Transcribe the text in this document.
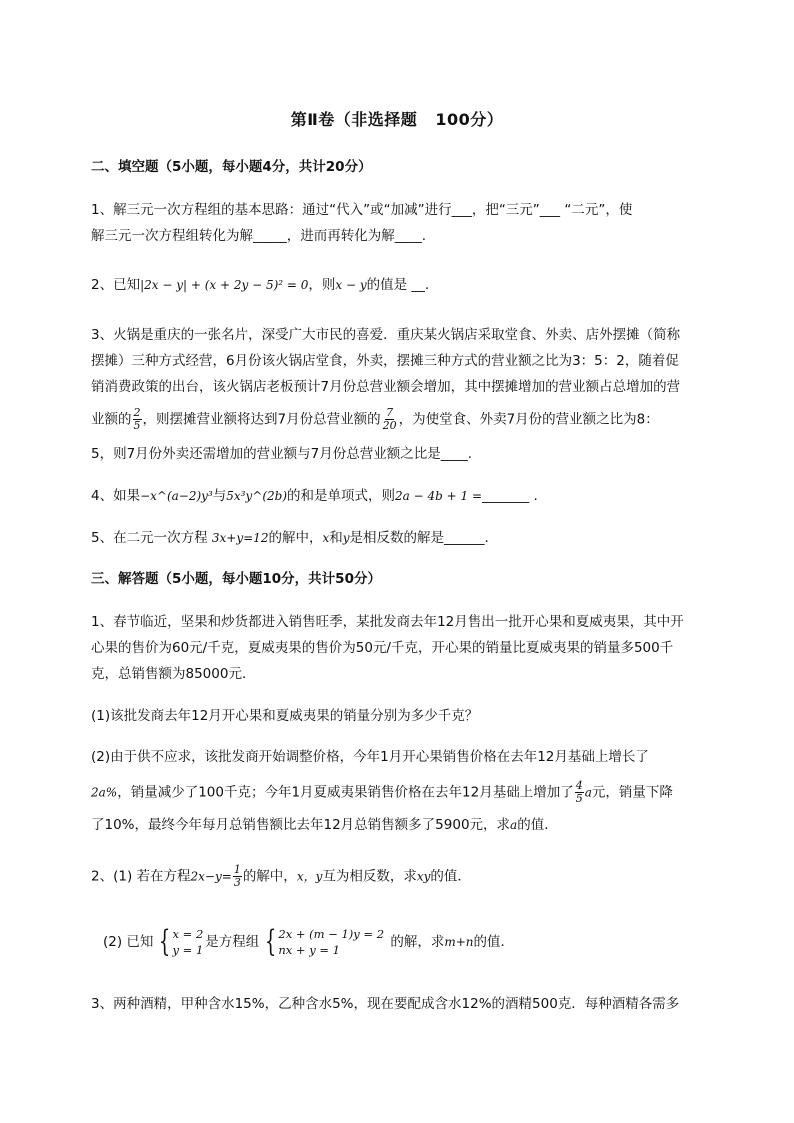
第Ⅱ卷（非选择题 100分）
二、填空题（5小题，每小题4分，共计20分）
1、解三元一次方程组的基本思路：通过“代入”或“加减”进行___，把“三元”___ “二元”，使
解三元一次方程组转化为解_____，进而再转化为解____.
2、已知|2x − y| + (x + 2y − 5)² = 0，则x − y的值是 __.
3、火锅是重庆的一张名片，深受广大市民的喜爱．重庆某火锅店采取堂食、外卖、店外摆摊（简称
摆摊）三种方式经营，6月份该火锅店堂食，外卖，摆摊三种方式的营业额之比为3：5：2，随着促
销消费政策的出台，该火锅店老板预计7月份总营业额会增加，其中摆摊增加的营业额占总增加的营
业额的 $\frac{2}{5}$ ，则摆摊营业额将达到7月份总营业额的 $\frac{7}{20}$ ，为使堂食、外卖7月份的营业额之比为8：
5，则7月份外卖还需增加的营业额与7月份总营业额之比是____.
4、如果−x^(a−2)y³与5x³y^(2b)的和是单项式，则2a − 4b + 1 =_______ .
5、在二元一次方程 3x+y=12的解中，x和y是相反数的解是______.
三、解答题（5小题，每小题10分，共计50分）
1、春节临近，坚果和炒货都进入销售旺季，某批发商去年12月售出一批开心果和夏威夷果，其中开
心果的售价为60元/千克，夏威夷果的售价为50元/千克，开心果的销量比夏威夷果的销量多500千
克，总销售额为85000元．
(1)该批发商去年12月开心果和夏威夷果的销量分别为多少千克？
(2)由于供不应求，该批发商开始调整价格，今年1月开心果销售价格在去年12月基础上增长了
2a%，销量减少了100千克；今年1月夏威夷果销售价格在去年12月基础上增加了 $\frac{4}{5}$ a元，销量下降
了10%，最终今年每月总销售额比去年12月总销售额多了5900元，求a的值.
2、(1) 若在方程$2x-y= \frac{1}{3}$ 的解中，x，y互为相反数，求xy的值．
(2) 已知 { x = 2
y = 1 是方程组 { 2x + (m − 1)y = 2
nx + y = 1	的解，求m+n的值．
3、两种酒精，甲种含水15%，乙种含水5%，现在要配成含水12%的酒精500克．每种酒精各需多
